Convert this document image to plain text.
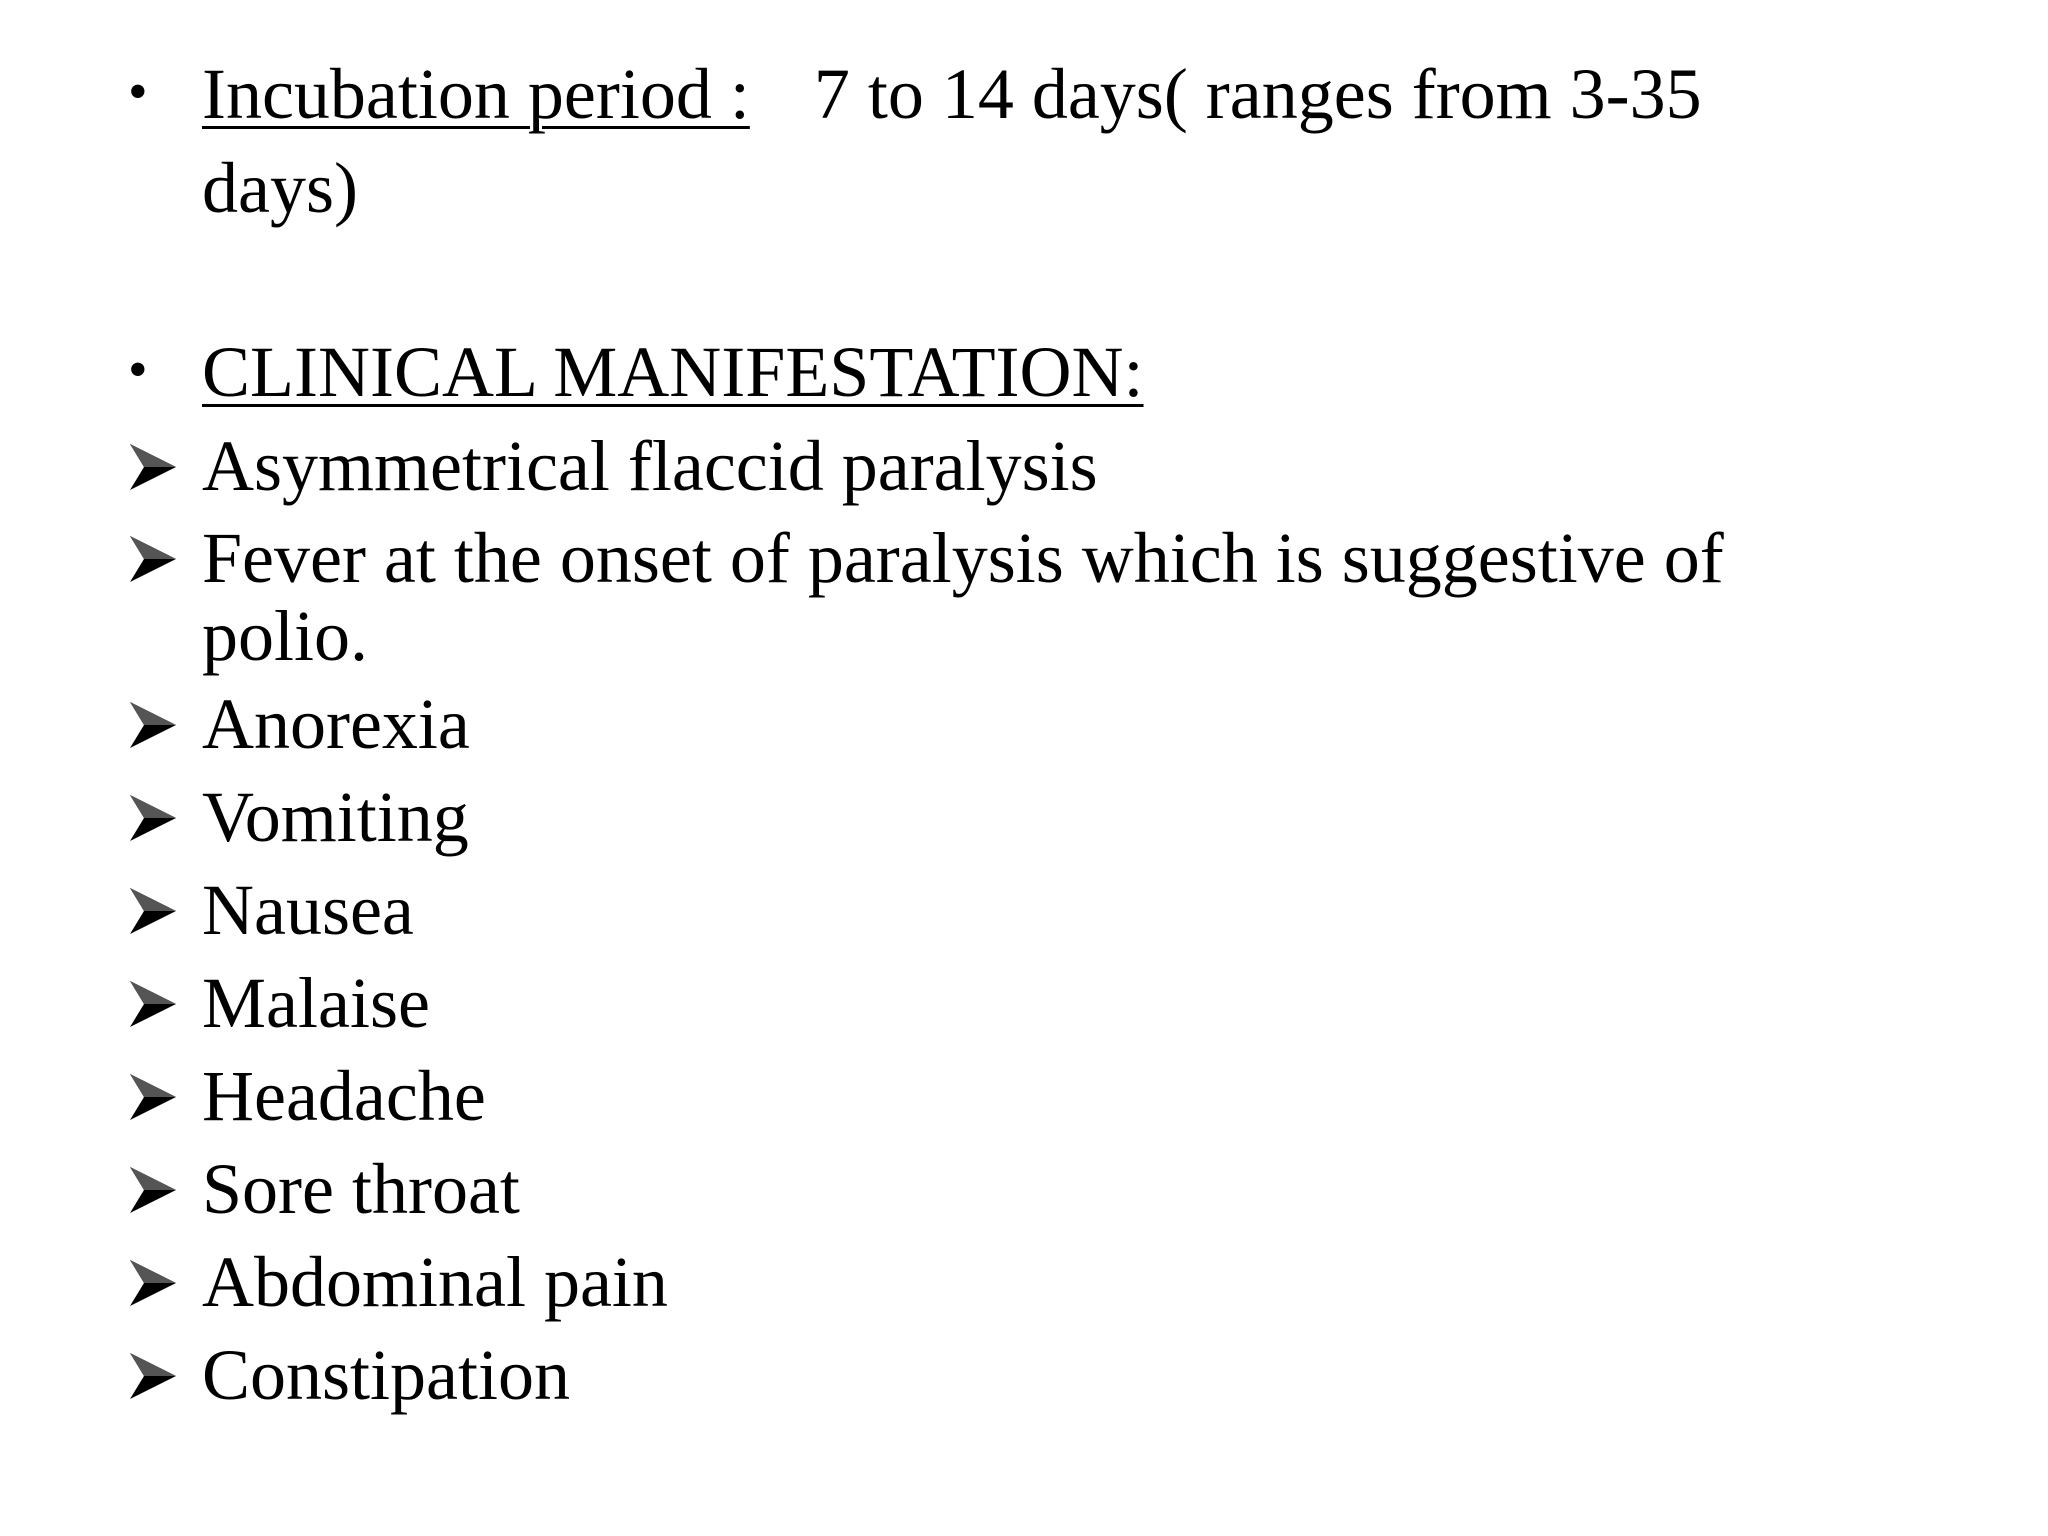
• Incubation period : 7 to 14 days( ranges from 3-35
days)
• CLINICAL MANIFESTATION:
Asymmetrical flaccid paralysis
Fever at the onset of paralysis which is suggestive of
polio.
Anorexia
Vomiting
Nausea
Malaise
Headache
Sore throat
Abdominal pain
Constipation
